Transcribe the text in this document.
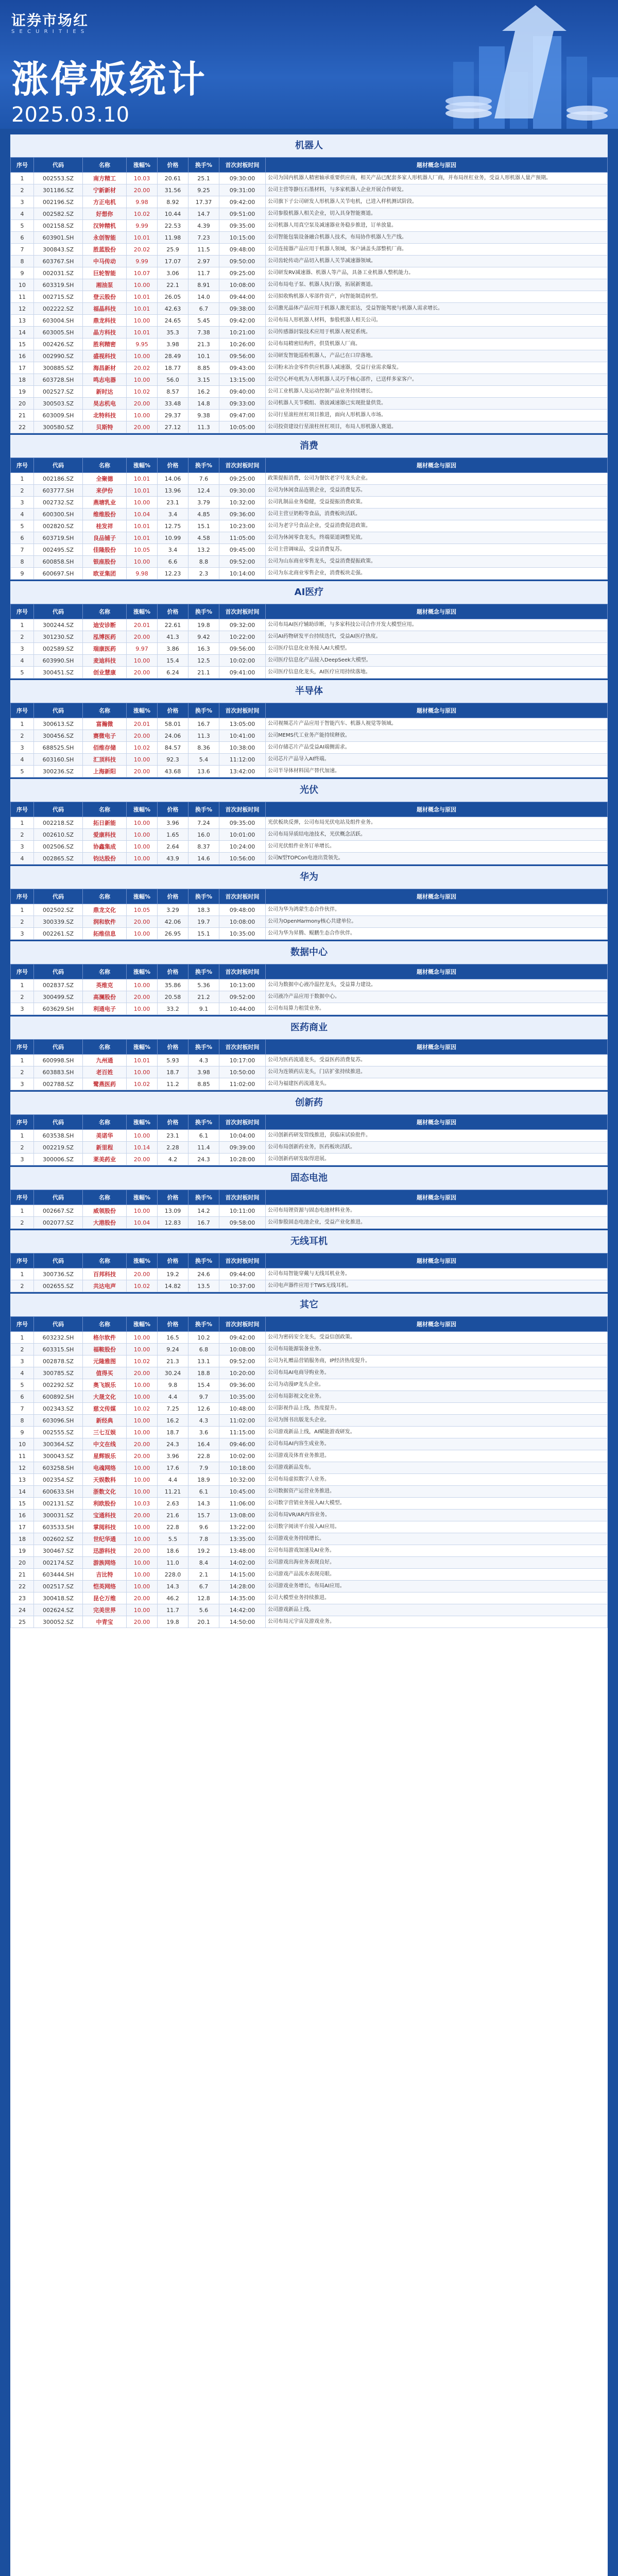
证券市场红
S E C U R I T I E S
涨停板统计
2025.03.10
机器人
序号	代码	名称	涨幅%	价格	换手%	首次封板时间	题材概念与原因
1	002553.SZ	南方精工	10.03	20.61	25.1	09:30:00	公司为国内机器人精密轴承重要供应商，相关产品已配套多家人形机器人厂商，并布局丝杠业务，受益人形机器人量产预期。
2	301186.SZ	宁新新材	20.00	31.56	9.25	09:31:00	公司主营等静压石墨材料，与多家机器人企业开展合作研发。
3	002196.SZ	方正电机	9.98	8.92	17.37	09:42:00	公司旗下子公司研发人形机器人关节电机，已进入样机测试阶段。
4	002582.SZ	好想你	10.02	10.44	14.7	09:51:00	公司参股机器人相关企业，切入具身智能赛道。
5	002158.SZ	汉钟精机	9.99	22.53	4.39	09:35:00	公司机器人用真空泵及减速器业务稳步推进，订单放量。
6	603901.SH	永创智能	10.01	11.98	7.23	10:15:00	公司智能包装设备融合机器人技术，布局协作机器人生产线。
7	300843.SZ	胜蓝股份	20.02	25.9	11.5	09:48:00	公司连接器产品应用于机器人领域，客户涵盖头部整机厂商。
8	603767.SH	中马传动	9.99	17.07	2.97	09:50:00	公司齿轮传动产品切入机器人关节减速器领域。
9	002031.SZ	巨轮智能	10.07	3.06	11.7	09:25:00	公司研发RV减速器、机器人等产品，具备工业机器人整机能力。
10	603319.SH	湘油泵	10.00	22.1	8.91	10:08:00	公司布局电子泵、机器人执行器，拓展新赛道。
11	002715.SZ	登云股份	10.01	26.05	14.0	09:44:00	公司拟收购机器人零部件资产，向智能制造转型。
12	002222.SZ	福晶科技	10.01	42.63	6.7	09:38:00	公司激光晶体产品应用于机器人激光雷达，受益智能驾驶与机器人需求增长。
13	603004.SH	鼎龙科技	10.00	24.65	5.45	09:42:00	公司布局人形机器人材料，参股机器人相关公司。
14	603005.SH	晶方科技	10.01	35.3	7.38	10:21:00	公司传感器封装技术应用于机器人视觉系统。
15	002426.SZ	胜利精密	9.95	3.98	21.3	10:26:00	公司布局精密结构件，供货机器人厂商。
16	002990.SZ	盛视科技	10.00	28.49	10.1	09:56:00	公司研发智能巡检机器人，产品已在口岸落地。
17	300885.SZ	海昌新材	20.02	18.77	8.85	09:43:00	公司粉末冶金零件供应机器人减速器，受益行业需求爆发。
18	603728.SH	鸣志电器	10.00	56.0	3.15	13:15:00	公司空心杯电机为人形机器人灵巧手核心部件，已送样多家客户。
19	002527.SZ	新时达	10.02	8.57	16.2	09:40:00	公司工业机器人及运动控制产品业务持续增长。
20	300503.SZ	昊志机电	20.00	33.48	14.8	09:33:00	公司机器人关节模组、谐波减速器已实现批量供货。
21	603009.SH	北特科技	10.00	29.37	9.38	09:47:00	公司行星滚柱丝杠项目推进，面向人形机器人市场。
22	300580.SZ	贝斯特	20.00	27.12	11.3	10:05:00	公司投资建设行星滚柱丝杠项目，布局人形机器人赛道。
消费
序号	代码	名称	涨幅%	价格	换手%	首次封板时间	题材概念与原因
1	002186.SZ	全聚德	10.01	14.06	7.6	09:25:00	政策提振消费，公司为餐饮老字号龙头企业。
2	603777.SH	来伊份	10.01	13.96	12.4	09:30:00	公司为休闲食品连锁企业，受益消费复苏。
3	002732.SZ	燕塘乳业	10.00	23.1	3.79	10:32:00	公司乳制品业务稳健，受益提振消费政策。
4	600300.SH	维维股份	10.04	3.4	4.85	09:36:00	公司主营豆奶粉等食品，消费板块活跃。
5	002820.SZ	桂发祥	10.01	12.75	15.1	10:23:00	公司为老字号食品企业，受益消费促进政策。
6	603719.SH	良品铺子	10.01	10.99	4.58	11:05:00	公司为休闲零食龙头，终端渠道调整见效。
7	002495.SZ	佳隆股份	10.05	3.4	13.2	09:45:00	公司主营调味品，受益消费复苏。
8	600858.SH	银座股份	10.00	6.6	8.8	09:52:00	公司为山东商业零售龙头，受益消费提振政策。
9	600697.SH	欧亚集团	9.98	12.23	2.3	10:14:00	公司为东北商业零售企业，消费板块走强。
AI医疗
序号	代码	名称	涨幅%	价格	换手%	首次封板时间	题材概念与原因
1	300244.SZ	迪安诊断	20.01	22.61	19.8	09:32:00	公司布局AI医疗辅助诊断，与多家科技公司合作开发大模型应用。
2	301230.SZ	泓博医药	20.00	41.3	9.42	10:22:00	公司AI药物研发平台持续迭代，受益AI医疗热度。
3	002589.SZ	瑞康医药	9.97	3.86	16.3	09:56:00	公司医疗信息化业务接入AI大模型。
4	603990.SH	麦迪科技	10.00	15.4	12.5	10:02:00	公司医疗信息化产品接入DeepSeek大模型。
5	300451.SZ	创业慧康	20.00	6.24	21.1	09:41:00	公司医疗信息化龙头，AI医疗应用持续落地。
半导体
序号	代码	名称	涨幅%	价格	换手%	首次封板时间	题材概念与原因
1	300613.SZ	富瀚微	20.01	58.01	16.7	13:05:00	公司视频芯片产品应用于智能汽车、机器人视觉等领域。
2	300456.SZ	赛微电子	20.00	24.06	11.3	10:41:00	公司MEMS代工业务产能持续释放。
3	688525.SH	佰维存储	10.02	84.57	8.36	10:38:00	公司存储芯片产品受益AI端侧需求。
4	603160.SH	汇顶科技	10.00	92.3	5.4	11:12:00	公司芯片产品导入AI终端。
5	300236.SZ	上海新阳	20.00	43.68	13.6	13:42:00	公司半导体材料国产替代加速。
光伏
序号	代码	名称	涨幅%	价格	换手%	首次封板时间	题材概念与原因
1	002218.SZ	拓日新能	10.00	3.96	7.24	09:35:00	光伏板块反弹，公司布局光伏电站及组件业务。
2	002610.SZ	爱康科技	10.00	1.65	16.0	10:01:00	公司布局异质结电池技术，光伏概念活跃。
3	002506.SZ	协鑫集成	10.00	2.64	8.37	10:24:00	公司光伏组件业务订单增长。
4	002865.SZ	钧达股份	10.00	43.9	14.6	10:56:00	公司N型TOPCon电池出货领先。
华为
序号	代码	名称	涨幅%	价格	换手%	首次封板时间	题材概念与原因
1	002502.SZ	鼎龙文化	10.05	3.29	18.3	09:48:00	公司为华为鸿蒙生态合作伙伴。
2	300339.SZ	润和软件	20.00	42.06	19.7	10:08:00	公司为OpenHarmony核心共建单位。
3	002261.SZ	拓维信息	10.00	26.95	15.1	10:35:00	公司为华为昇腾、鲲鹏生态合作伙伴。
数据中心
序号	代码	名称	涨幅%	价格	换手%	首次封板时间	题材概念与原因
1	002837.SZ	英维克	10.00	35.86	5.36	10:13:00	公司为数据中心液冷温控龙头，受益算力建设。
2	300499.SZ	高澜股份	20.00	20.58	21.2	09:52:00	公司液冷产品应用于数据中心。
3	603629.SH	利通电子	10.00	33.2	9.1	10:44:00	公司布局算力租赁业务。
医药商业
序号	代码	名称	涨幅%	价格	换手%	首次封板时间	题材概念与原因
1	600998.SH	九州通	10.01	5.93	4.3	10:17:00	公司为医药流通龙头，受益医药消费复苏。
2	603883.SH	老百姓	10.00	18.7	3.98	10:50:00	公司为连锁药店龙头，门店扩张持续推进。
3	002788.SZ	鹭燕医药	10.02	11.2	8.85	11:02:00	公司为福建医药流通龙头。
创新药
序号	代码	名称	涨幅%	价格	换手%	首次封板时间	题材概念与原因
1	603538.SH	美诺华	10.00	23.1	6.1	10:04:00	公司创新药研发管线推进，获临床试验批件。
2	002219.SZ	新里程	10.14	2.28	11.4	09:39:00	公司布局创新药业务，医药板块活跃。
3	300006.SZ	莱美药业	20.00	4.2	24.3	10:28:00	公司创新药研发取得进展。
固态电池
序号	代码	名称	涨幅%	价格	换手%	首次封板时间	题材概念与原因
1	002667.SZ	威领股份	10.00	13.09	14.2	10:11:00	公司布局锂资源与固态电池材料业务。
2	002077.SZ	大港股份	10.04	12.83	16.7	09:58:00	公司参股固态电池企业，受益产业化推进。
无线耳机
序号	代码	名称	涨幅%	价格	换手%	首次封板时间	题材概念与原因
1	300736.SZ	百邦科技	20.00	19.2	24.6	09:44:00	公司布局智能穿戴与无线耳机业务。
2	002655.SZ	共达电声	10.02	14.82	13.5	10:37:00	公司电声器件应用于TWS无线耳机。
其它
序号	代码	名称	涨幅%	价格	换手%	首次封板时间	题材概念与原因
1	603232.SH	格尔软件	10.00	16.5	10.2	09:42:00	公司为密码安全龙头，受益信创政策。
2	603315.SH	福鞍股份	10.00	9.24	6.8	10:08:00	公司布局能源装备业务。
3	002878.SZ	元隆雅图	10.02	21.3	13.1	09:52:00	公司为礼赠品营销服务商，IP经济热度提升。
4	300785.SZ	值得买	20.00	30.24	18.8	10:20:00	公司布局AI电商导购业务。
5	002292.SZ	奥飞娱乐	10.00	9.8	15.4	09:36:00	公司为动漫IP龙头企业。
6	600892.SH	大晟文化	10.00	4.4	9.7	10:35:00	公司布局影视文化业务。
7	002343.SZ	慈文传媒	10.02	7.25	12.6	10:48:00	公司影视作品上线，热度提升。
8	603096.SH	新经典	10.00	16.2	4.3	11:02:00	公司为图书出版龙头企业。
9	002555.SZ	三七互娱	10.00	18.7	3.6	11:15:00	公司游戏新品上线，AI赋能游戏研发。
10	300364.SZ	中文在线	20.00	24.3	16.4	09:46:00	公司布局AI内容生成业务。
11	300043.SZ	星辉娱乐	20.00	3.96	22.8	10:02:00	公司游戏及体育业务推进。
12	603258.SH	电魂网络	10.00	17.6	7.9	10:18:00	公司游戏新品发布。
13	002354.SZ	天娱数科	10.00	4.4	18.9	10:32:00	公司布局虚拟数字人业务。
14	600633.SH	浙数文化	10.00	11.21	6.1	10:45:00	公司数据资产运营业务推进。
15	002131.SZ	利欧股份	10.03	2.63	14.3	11:06:00	公司数字营销业务接入AI大模型。
16	300031.SZ	宝通科技	20.00	21.6	15.7	13:08:00	公司布局VR/AR内容业务。
17	603533.SH	掌阅科技	10.00	22.8	9.6	13:22:00	公司数字阅读平台接入AI应用。
18	002602.SZ	世纪华通	10.00	5.5	7.8	13:35:00	公司游戏业务持续增长。
19	300467.SZ	迅游科技	20.00	18.6	19.2	13:48:00	公司布局游戏加速及AI业务。
20	002174.SZ	游族网络	10.00	11.0	8.4	14:02:00	公司游戏出海业务表现良好。
21	603444.SH	吉比特	10.00	228.0	2.1	14:15:00	公司游戏产品流水表现亮眼。
22	002517.SZ	恺英网络	10.00	14.3	6.7	14:28:00	公司游戏业务增长，布局AI应用。
23	300418.SZ	昆仑万维	20.00	46.2	12.8	14:35:00	公司大模型业务持续推进。
24	002624.SZ	完美世界	10.00	11.7	5.6	14:42:00	公司游戏新品上线。
25	300052.SZ	中青宝	20.00	19.8	20.1	14:50:00	公司布局元宇宙及游戏业务。
